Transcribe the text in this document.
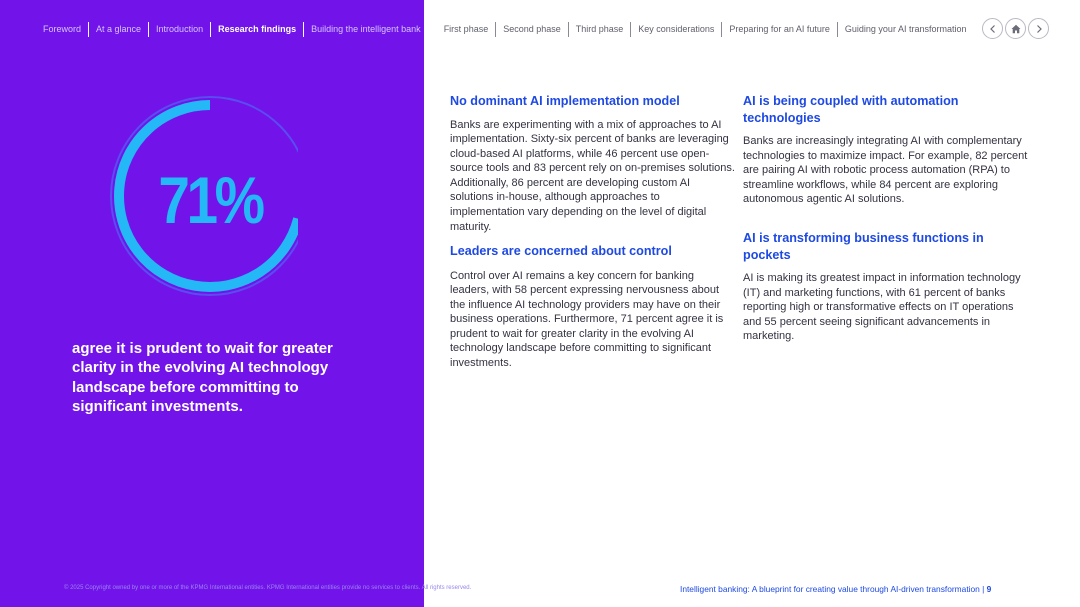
Foreword	At a glance	Introduction	Research findings	Building the intelligent bank	First phase	Second phase	Third phase	Key considerations	Preparing for an AI future	Guiding your AI transformation
71%
agree it is prudent to wait for greater clarity in the evolving AI technology landscape before committing to significant investments.
No dominant AI implementation model

Banks are experimenting with a mix of approaches to AI implementation. Sixty-six percent of banks are leveraging cloud-based AI platforms, while 46 percent use open-source tools and 83 percent rely on on-premises solutions. Additionally, 86 percent are developing custom AI solutions in-house, although approaches to implementation vary depending on the level of digital maturity.

Leaders are concerned about control

Control over AI remains a key concern for banking leaders, with 58 percent expressing nervousness about the influence AI technology providers may have on their business operations. Furthermore, 71 percent agree it is prudent to wait for greater clarity in the evolving AI technology landscape before committing to significant investments.

AI is being coupled with automation technologies

Banks are increasingly integrating AI with complementary technologies to maximize impact. For example, 82 percent are pairing AI with robotic process automation (RPA) to streamline workflows, while 84 percent are exploring autonomous agentic AI solutions.

AI is transforming business functions in pockets

AI is making its greatest impact in information technology (IT) and marketing functions, with 61 percent of banks reporting high or transformative effects on IT operations and 55 percent seeing significant advancements in marketing.

© 2025 Copyright owned by one or more of the KPMG International entities. KPMG International entities provide no services to clients. All rights reserved.	Intelligent banking: A blueprint for creating value through AI-driven transformation | 9
